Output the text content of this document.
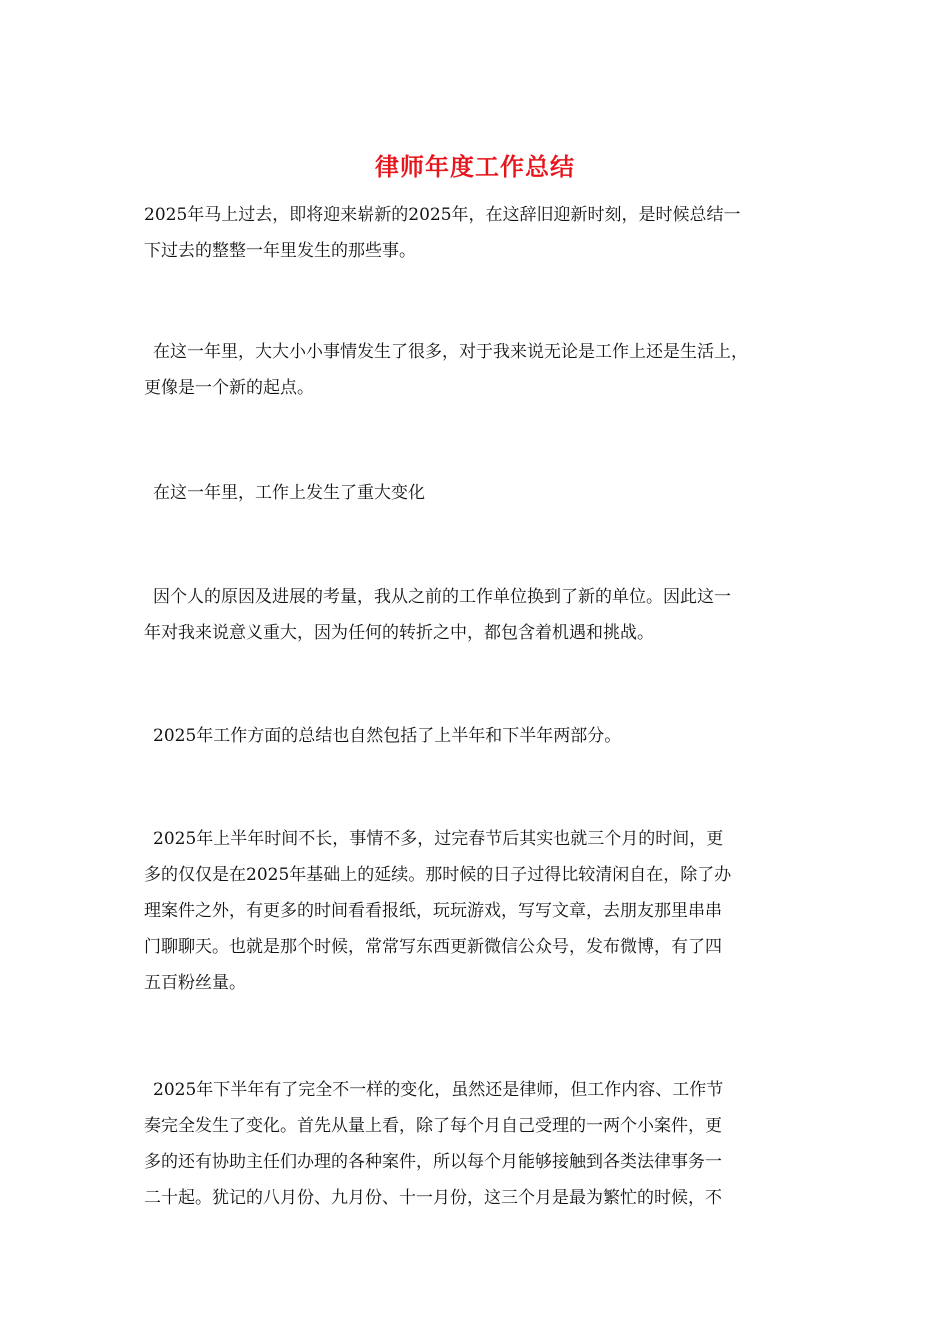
律师年度工作总结
2025年马上过去，即将迎来崭新的2025年，在这辞旧迎新时刻，是时候总结一
下过去的整整一年里发生的那些事。
在这一年里，大大小小事情发生了很多，对于我来说无论是工作上还是生活上，
更像是一个新的起点。
在这一年里，工作上发生了重大变化
因个人的原因及进展的考量，我从之前的工作单位换到了新的单位。因此这一
年对我来说意义重大，因为任何的转折之中，都包含着机遇和挑战。
2025年工作方面的总结也自然包括了上半年和下半年两部分。
2025年上半年时间不长，事情不多，过完春节后其实也就三个月的时间，更
多的仅仅是在2025年基础上的延续。那时候的日子过得比较清闲自在，除了办
理案件之外，有更多的时间看看报纸，玩玩游戏，写写文章，去朋友那里串串
门聊聊天。也就是那个时候，常常写东西更新微信公众号，发布微博，有了四
五百粉丝量。
2025年下半年有了完全不一样的变化，虽然还是律师，但工作内容、工作节
奏完全发生了变化。首先从量上看，除了每个月自己受理的一两个小案件，更
多的还有协助主任们办理的各种案件，所以每个月能够接触到各类法律事务一
二十起。犹记的八月份、九月份、十一月份，这三个月是最为繁忙的时候，不
